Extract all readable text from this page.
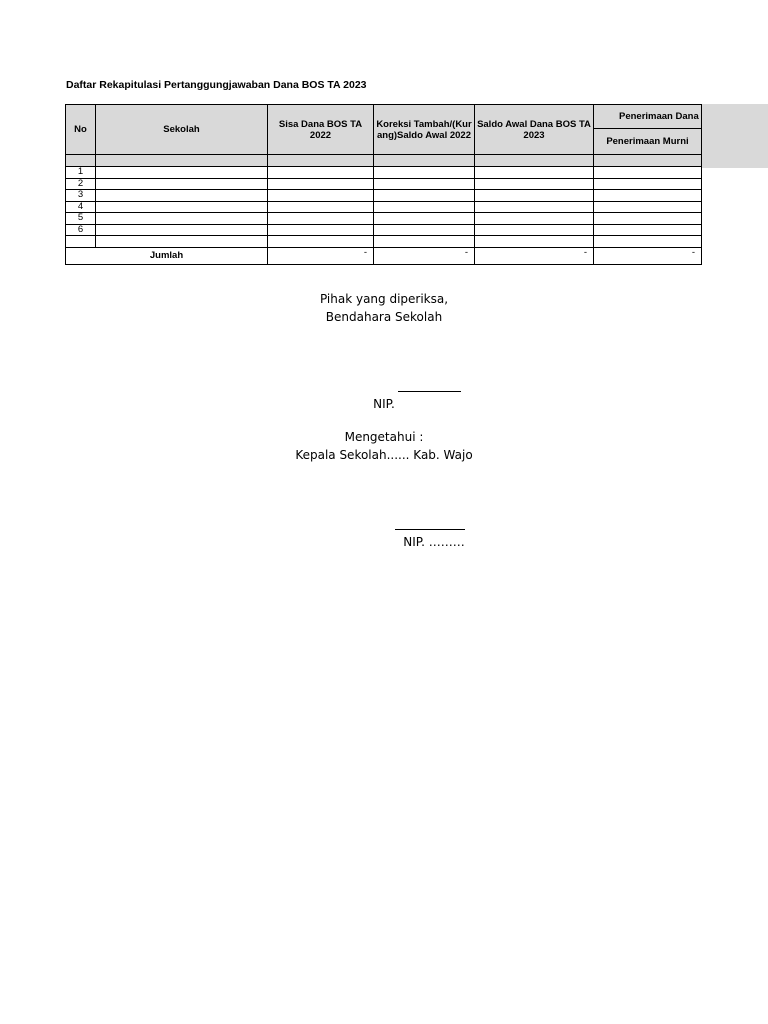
Daftar Rekapitulasi Pertanggungjawaban Dana BOS TA 2023
No	Sekolah	Sisa Dana BOS TA 2022	Koreksi Tambah/(Kurang)Saldo Awal 2022	Saldo Awal Dana BOS TA 2023	Penerimaan Dana
					Penerimaan Murni

1					
2					
3					
4					
5					
6					

Jumlah		-	-	-	-
Pihak yang diperiksa,
Bendahara Sekolah
NIP.
Mengetahui :
Kepala Sekolah...... Kab. Wajo
NIP. ………
